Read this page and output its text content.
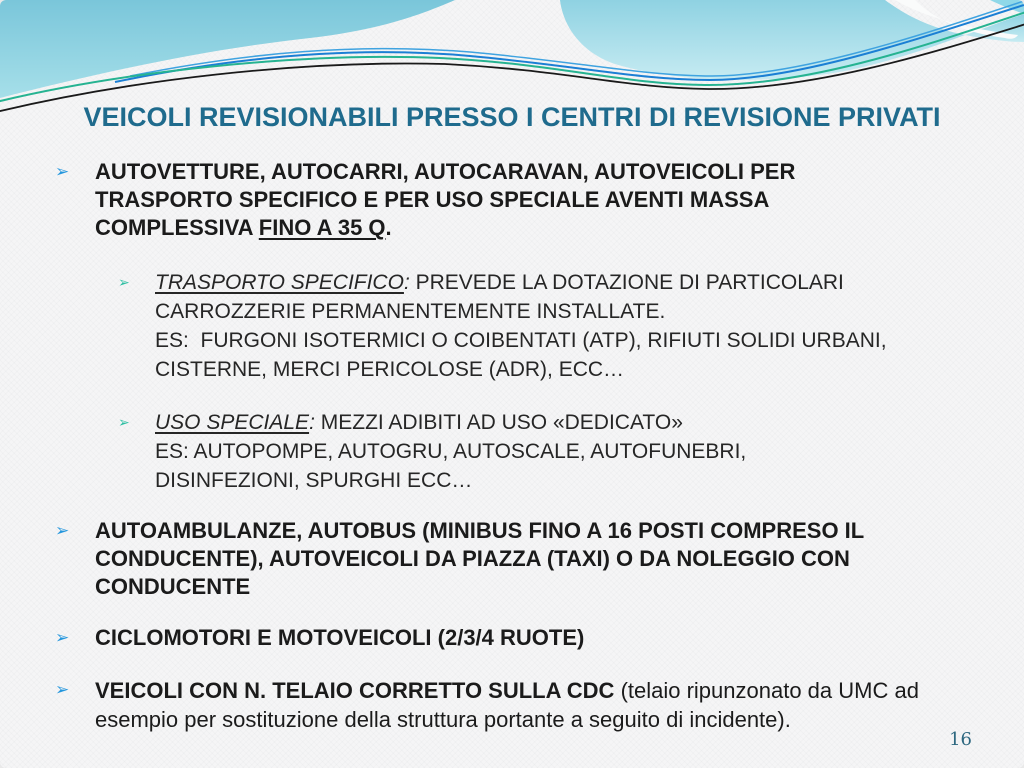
VEICOLI REVISIONABILI PRESSO I CENTRI DI REVISIONE PRIVATI
➢	AUTOVETTURE, AUTOCARRI, AUTOCARAVAN, AUTOVEICOLI PER TRASPORTO SPECIFICO E PER USO SPECIALE AVENTI MASSA COMPLESSIVA FINO A 35 Q.
➢	TRASPORTO SPECIFICO: PREVEDE LA DOTAZIONE DI PARTICOLARI CARROZZERIE PERMANENTEMENTE INSTALLATE.
ES:  FURGONI ISOTERMICI O COIBENTATI (ATP), RIFIUTI SOLIDI URBANI, CISTERNE, MERCI PERICOLOSE (ADR), ECC…
➢	USO SPECIALE: MEZZI ADIBITI AD USO «DEDICATO»
ES: AUTOPOMPE, AUTOGRU, AUTOSCALE, AUTOFUNEBRI, DISINFEZIONI, SPURGHI ECC…
➢	AUTOAMBULANZE, AUTOBUS (MINIBUS FINO A 16 POSTI COMPRESO IL CONDUCENTE), AUTOVEICOLI DA PIAZZA (TAXI) O DA NOLEGGIO CON CONDUCENTE
➢	CICLOMOTORI E MOTOVEICOLI (2/3/4 RUOTE)
➢	VEICOLI CON N. TELAIO CORRETTO SULLA CDC (telaio ripunzonato da UMC ad esempio per sostituzione della struttura portante a seguito di incidente).
16
